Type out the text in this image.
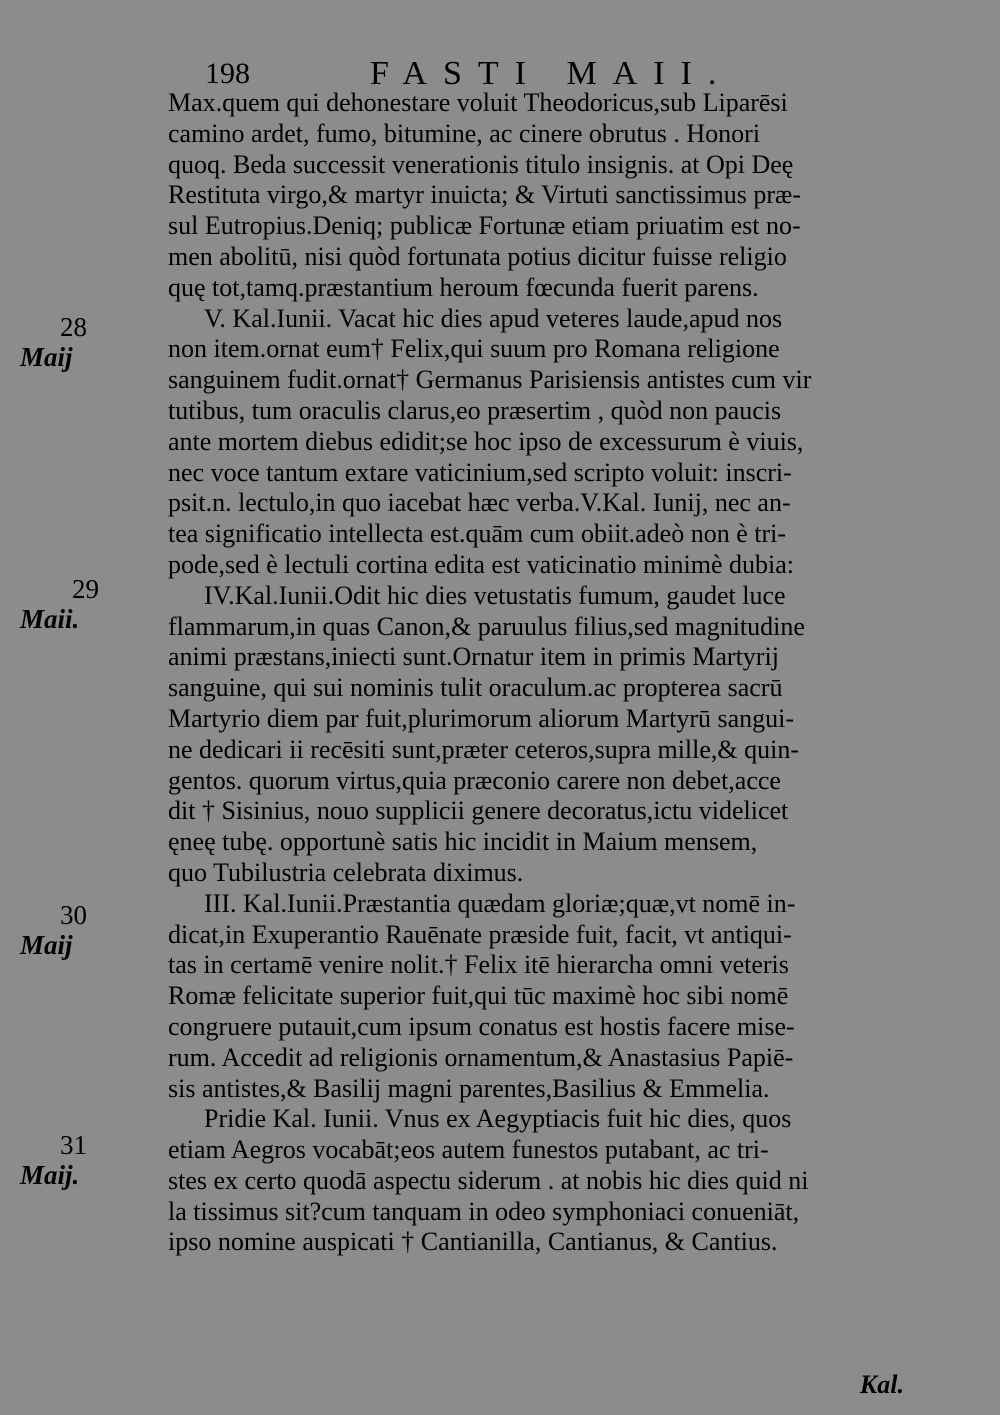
198	FASTI MAII.
Max.quem qui dehonestare voluit Theodoricus,sub Liparēsi
camino ardet, fumo, bitumine, ac cinere obrutus . Honori
quoq. Beda successit venerationis titulo insignis. at Opi Deę
Restituta virgo,& martyr inuicta; & Virtuti sanctissimus præ-
sul Eutropius.Deniq; publicæ Fortunæ etiam priuatim est no-
men abolitū, nisi quòd fortunata potius dicitur fuisse religio
quę tot,tamq.præstantium heroum fœcunda fuerit parens.
V. Kal.Iunii. Vacat hic dies apud veteres laude,apud nos
non item.ornat eum† Felix,qui suum pro Romana religione
sanguinem fudit.ornat† Germanus Parisiensis antistes cum vir
tutibus, tum oraculis clarus,eo præsertim , quòd non paucis
ante mortem diebus edidit;se hoc ipso de excessurum è viuis,
nec voce tantum extare vaticinium,sed scripto voluit: inscri-
psit.n. lectulo,in quo iacebat hæc verba.V.Kal. Iunij, nec an-
tea significatio intellecta est.quām cum obiit.adeò non è tri-
pode,sed è lectuli cortina edita est vaticinatio minimè dubia:
IV.Kal.Iunii.Odit hic dies vetustatis fumum, gaudet luce
flammarum,in quas Canon,& paruulus filius,sed magnitudine
animi præstans,iniecti sunt.Ornatur item in primis Martyrij
sanguine, qui sui nominis tulit oraculum.ac propterea sacrū
Martyrio diem par fuit,plurimorum aliorum Martyrū sangui-
ne dedicari ii recēsiti sunt,præter ceteros,supra mille,& quin-
gentos. quorum virtus,quia præconio carere non debet,acce
dit † Sisinius, nouo supplicii genere decoratus,ictu videlicet
ęneę tubę. opportunè satis hic incidit in Maium mensem,
quo Tubilustria celebrata diximus.
III. Kal.Iunii.Præstantia quædam gloriæ;quæ,vt nomē in-
dicat,in Exuperantio Rauēnate præside fuit, facit, vt antiqui-
tas in certamē venire nolit.† Felix itē hierarcha omni veteris
Romæ felicitate superior fuit,qui tūc maximè hoc sibi nomē
congruere putauit,cum ipsum conatus est hostis facere mise-
rum. Accedit ad religionis ornamentum,& Anastasius Papiē-
sis antistes,& Basilij magni parentes,Basilius & Emmelia.
Pridie Kal. Iunii. Vnus ex Aegyptiacis fuit hic dies, quos
etiam Aegros vocabāt;eos autem funestos putabant, ac tri-
stes ex certo quodā aspectu siderum . at nobis hic dies quid ni
la tissimus sit?cum tanquam in odeo symphoniaci conueniāt,
ipso nomine auspicati † Cantianilla, Cantianus, & Cantius.
28
Maij
29
Maii.
30
Maij
31
Maij.
Kal.
